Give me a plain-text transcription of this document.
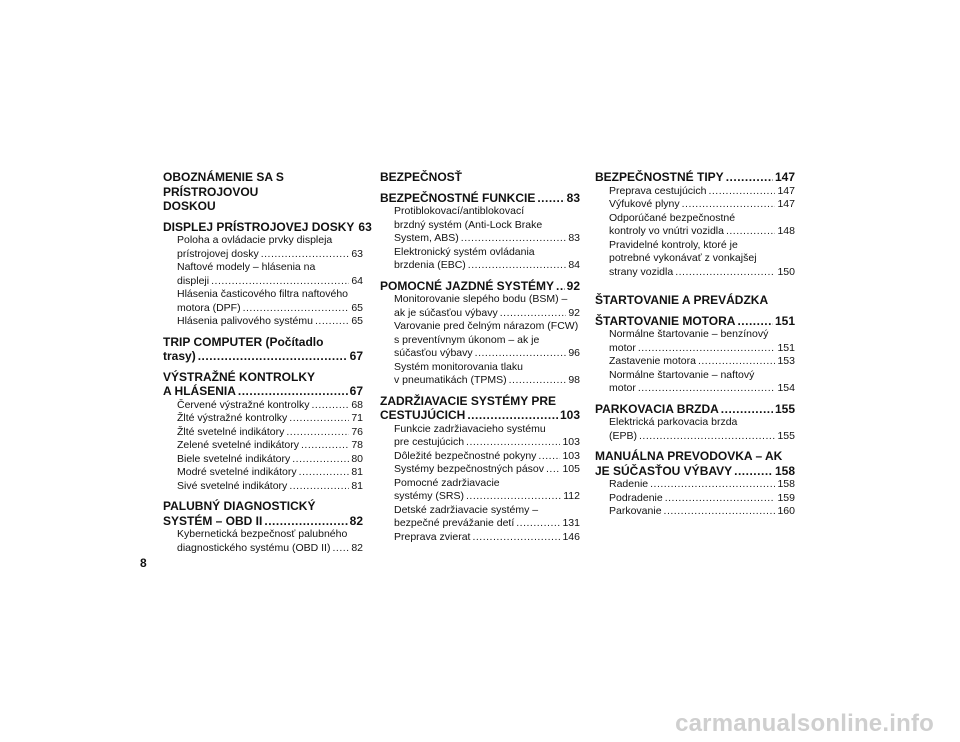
OBOZNÁMENIE SA S PRÍSTROJOVOU
DOSKOU
DISPLEJ PRÍSTROJOVEJ DOSKY 63
Poloha a ovládacie prvky displeja
prístrojovej dosky .....	63
Naftové modely – hlásenia na
displeji .....	64
Hlásenia časticového filtra naftového
motora (DPF) .....	65
Hlásenia palivového systému .....	65
TRIP COMPUTER (Počítadlo
trasy) .....	67
VÝSTRAŽNÉ KONTROLKY
A HLÁSENIA .....	67
Červené výstražné kontrolky .....	68
Žlté výstražné kontrolky .....	71
Žlté svetelné indikátory .....	76
Zelené svetelné indikátory .....	78
Biele svetelné indikátory .....	80
Modré svetelné indikátory .....	81
Sivé svetelné indikátory .....	81
PALUBNÝ DIAGNOSTICKÝ
SYSTÉM – OBD II .....	82
Kybernetická bezpečnosť palubného
diagnostického systému (OBD II) ..... 82
BEZPEČNOSŤ
BEZPEČNOSTNÉ FUNKCIE .....	83
Protiblokovací/antiblokovací
brzdný systém (Anti-Lock Brake
System, ABS) .....	83
Elektronický systém ovládania
brzdenia (EBC) .....	84
POMOCNÉ JAZDNÉ SYSTÉMY ..... 92
Monitorovanie slepého bodu (BSM) –
ak je súčasťou výbavy .....	92
Varovanie pred čelným nárazom (FCW)
s preventívnym úkonom – ak je
súčasťou výbavy .....	96
Systém monitorovania tlaku
v pneumatikách (TPMS) .....	98
ZADRŽIAVACIE SYSTÉMY PRE
CESTUJÚCICH .....	103
Funkcie zadržiavacieho systému
pre cestujúcich .....	103
Dôležité bezpečnostné pokyny ..... 103
Systémy bezpečnostných pásov ..... 105
Pomocné zadržiavacie
systémy (SRS) .....	112
Detské zadržiavacie systémy –
bezpečné prevážanie detí .....	131
Preprava zvierat .....	146
BEZPEČNOSTNÉ TIPY .....	147
Preprava cestujúcich .....	147
Výfukové plyny .....	147
Odporúčané bezpečnostné
kontroly vo vnútri vozidla .....	148
Pravidelné kontroly, ktoré je
potrebné vykonávať z vonkajšej
strany vozidla .....	150
ŠTARTOVANIE A PREVÁDZKA
ŠTARTOVANIE MOTORA .....	151
Normálne štartovanie – benzínový
motor .....	151
Zastavenie motora .....	153
Normálne štartovanie – naftový
motor .....	154
PARKOVACIA BRZDA .....	155
Elektrická parkovacia brzda
(EPB) .....	155
MANUÁLNA PREVODOVKA – AK
JE SÚČASŤOU VÝBAVY .....	158
Radenie .....	158
Podradenie .....	159
Parkovanie .....	160
8
carmanualsonline.info
